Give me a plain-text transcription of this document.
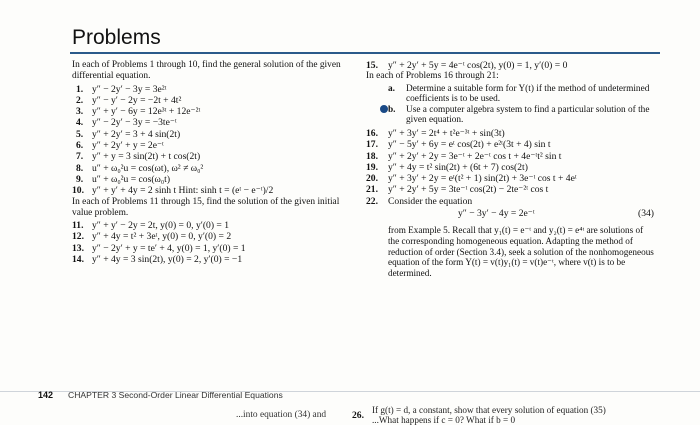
Problems

In each of Problems 1 through 10, find the general solution of the given differential equation.

1. y″ − 2y′ − 3y = 3e²ᵗ
2. y″ − y′ − 2y = −2t + 4t²
3. y″ + y′ − 6y = 12e³ᵗ + 12e⁻²ᵗ
4. y″ − 2y′ − 3y = −3te⁻ᵗ
5. y″ + 2y′ = 3 + 4 sin(2t)
6. y″ + 2y′ + y = 2e⁻ᵗ
7. y″ + y = 3 sin(2t) + t cos(2t)
8. u″ + ω₀²u = cos(ωt), ω² ≠ ω₀²
9. u″ + ω₀²u = cos(ω₀t)
10. y″ + y′ + 4y = 2 sinh t Hint: sinh t = (eᵗ − e⁻ᵗ)/2

In each of Problems 11 through 15, find the solution of the given initial value problem.

11. y″ + y′ − 2y = 2t, y(0) = 0, y′(0) = 1
12. y″ + 4y = t² + 3eᵗ, y(0) = 0, y′(0) = 2
13. y″ − 2y′ + y = te′ + 4, y(0) = 1, y′(0) = 1
14. y″ + 4y = 3 sin(2t), y(0) = 2, y′(0) = −1
15. y″ + 2y′ + 5y = 4e⁻ᵗ cos(2t), y(0) = 1, y′(0) = 0
In each of Problems 16 through 21:
a. Determine a suitable form for Y(t) if the method of undetermined coefficients is to be used.
b. Use a computer algebra system to find a particular solution of the given equation.
16. y″ + 3y′ = 2t⁴ + t²e⁻³ᵗ + sin(3t)
17. y″ − 5y′ + 6y = eᵗ cos(2t) + e²ᵗ(3t + 4) sin t
18. y″ + 2y′ + 2y = 3e⁻ᵗ + 2e⁻ᵗ cos t + 4e⁻ᵗt² sin t
19. y″ + 4y = t² sin(2t) + (6t + 7) cos(2t)
20. y″ + 3y′ + 2y = eᵗ(t² + 1) sin(2t) + 3e⁻ᵗ cos t + 4eᵗ
21. y″ + 2y′ + 5y = 3te⁻ᵗ cos(2t) − 2te⁻²ᵗ cos t
22. Consider the equation
y″ − 3y′ − 4y = 2e⁻ᵗ	(34)
from Example 5. Recall that y₁(t) = e⁻ᵗ and y₂(t) = e⁴ᵗ are solutions of the corresponding homogeneous equation. Adapting the method of reduction of order (Section 3.4), seek a solution of the nonhomogeneous equation of the form Y(t) = v(t)y₁(t) = v(t)e⁻ᵗ, where v(t) is to be determined.
142 CHAPTER 3 Second-Order Linear Differential Equations
...into equation (34) and	26. If g(t) = d, a constant, show that every solution of equation (35)
...What happens if c = 0? What if b = 0
